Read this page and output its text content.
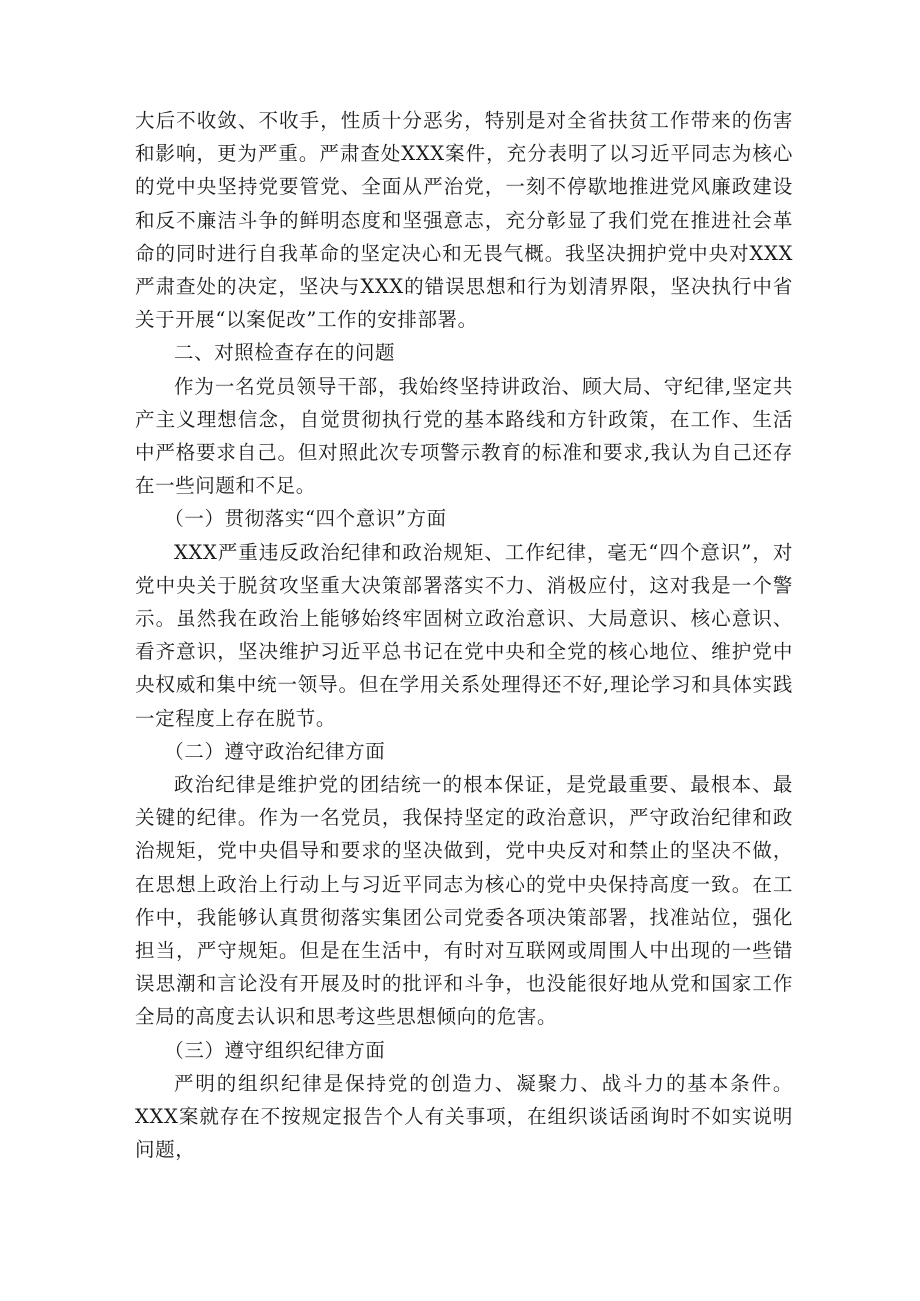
大后不收敛、不收手，性质十分恶劣，特别是对全省扶贫工作带来的伤害和影响，更为严重。严肃查处XXX案件，充分表明了以习近平同志为核心的党中央坚持党要管党、全面从严治党，一刻不停歇地推进党风廉政建设和反不廉洁斗争的鲜明态度和坚强意志，充分彰显了我们党在推进社会革命的同时进行自我革命的坚定决心和无畏气概。我坚决拥护党中央对XXX严肃查处的决定，坚决与XXX的错误思想和行为划清界限，坚决执行中省关于开展“以案促改”工作的安排部署。

二、对照检查存在的问题

作为一名党员领导干部，我始终坚持讲政治、顾大局、守纪律,坚定共产主义理想信念，自觉贯彻执行党的基本路线和方针政策，在工作、生活中严格要求自己。但对照此次专项警示教育的标准和要求,我认为自己还存在一些问题和不足。

（一）贯彻落实“四个意识”方面

XXX严重违反政治纪律和政治规矩、工作纪律，毫无“四个意识”，对党中央关于脱贫攻坚重大决策部署落实不力、消极应付，这对我是一个警示。虽然我在政治上能够始终牢固树立政治意识、大局意识、核心意识、看齐意识，坚决维护习近平总书记在党中央和全党的核心地位、维护党中央权威和集中统一领导。但在学用关系处理得还不好,理论学习和具体实践一定程度上存在脱节。

（二）遵守政治纪律方面

政治纪律是维护党的团结统一的根本保证，是党最重要、最根本、最关键的纪律。作为一名党员，我保持坚定的政治意识，严守政治纪律和政治规矩，党中央倡导和要求的坚决做到，党中央反对和禁止的坚决不做，在思想上政治上行动上与习近平同志为核心的党中央保持高度一致。在工作中，我能够认真贯彻落实集团公司党委各项决策部署，找准站位，强化担当，严守规矩。但是在生活中，有时对互联网或周围人中出现的一些错误思潮和言论没有开展及时的批评和斗争，也没能很好地从党和国家工作全局的高度去认识和思考这些思想倾向的危害。

（三）遵守组织纪律方面

严明的组织纪律是保持党的创造力、凝聚力、战斗力的基本条件。XXX案就存在不按规定报告个人有关事项，在组织谈话函询时不如实说明问题，
